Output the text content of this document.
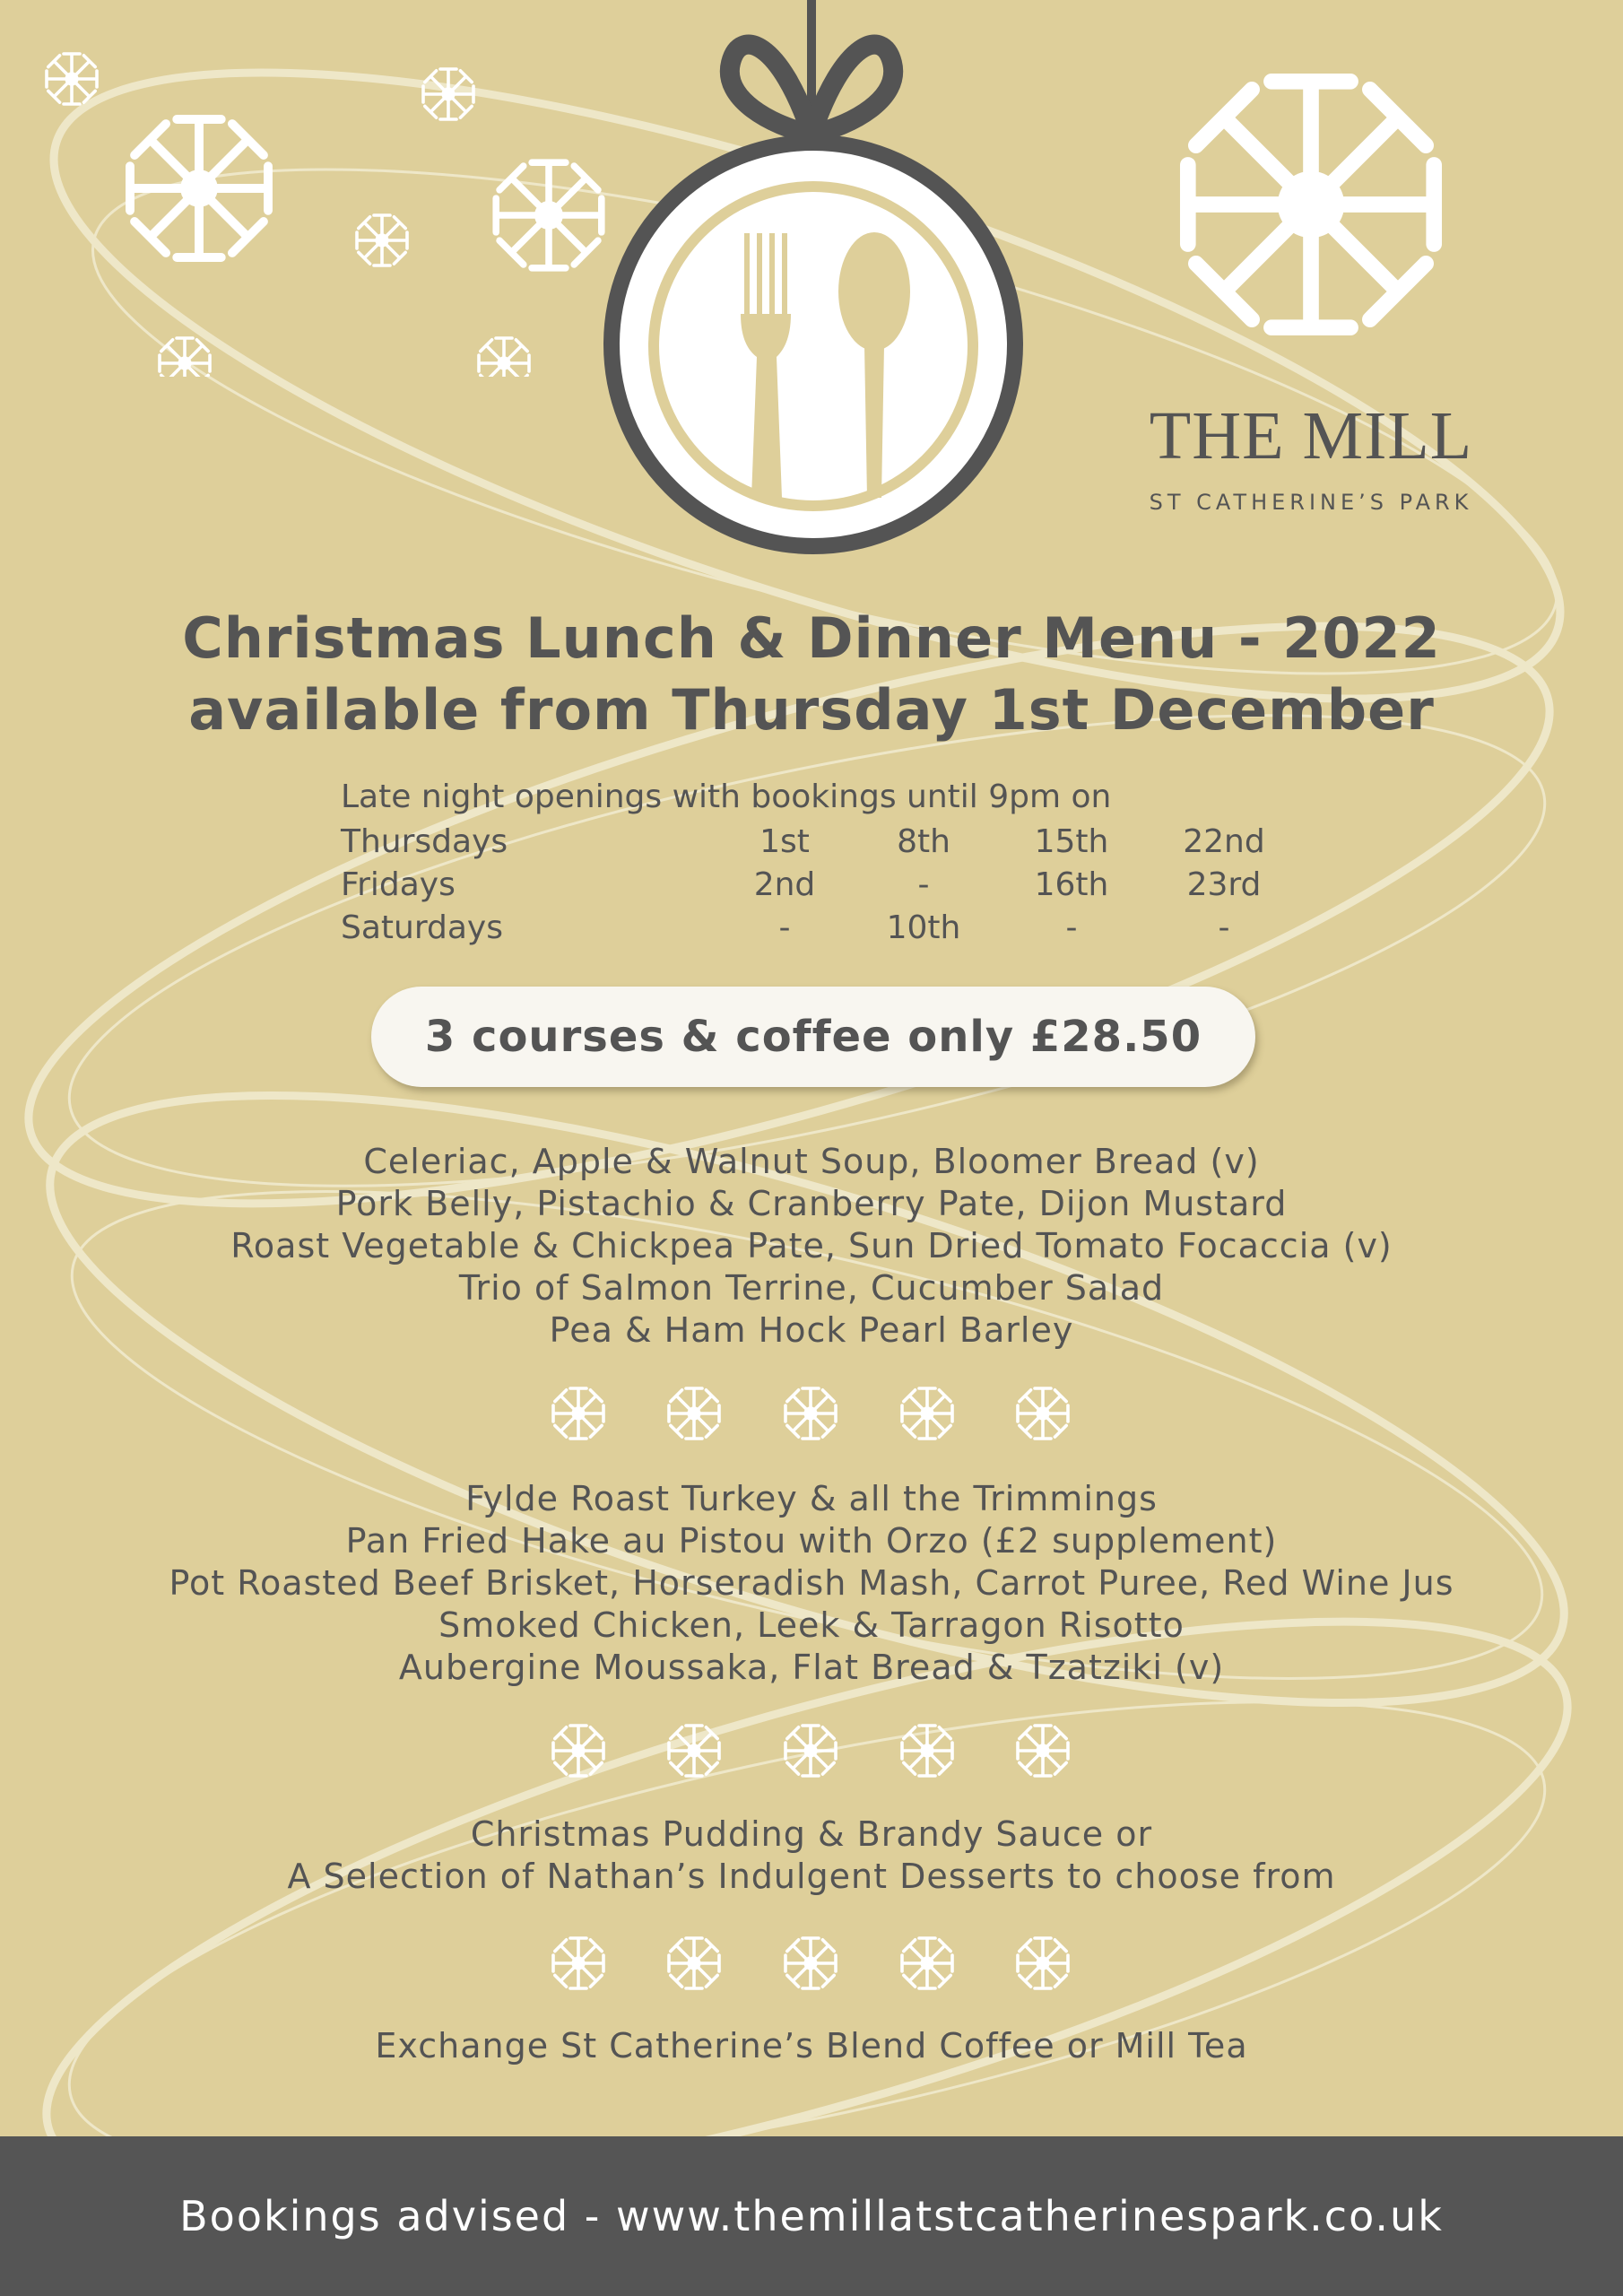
THE MILL
ST CATHERINE’S PARK
Christmas Lunch & Dinner Menu - 2022
available from Thursday 1st December
Late night openings with bookings until 9pm on
Thursdays	1st	8th	15th	22nd
Fridays	2nd	-	16th	23rd
Saturdays	-	10th	-	-
3 courses & coffee only £28.50
Celeriac, Apple & Walnut Soup, Bloomer Bread (v)
Pork Belly, Pistachio & Cranberry Pate, Dijon Mustard
Roast Vegetable & Chickpea Pate, Sun Dried Tomato Focaccia (v)
Trio of Salmon Terrine, Cucumber Salad
Pea & Ham Hock Pearl Barley
Fylde Roast Turkey & all the Trimmings
Pan Fried Hake au Pistou with Orzo (£2 supplement)
Pot Roasted Beef Brisket, Horseradish Mash, Carrot Puree, Red Wine Jus
Smoked Chicken, Leek & Tarragon Risotto
Aubergine Moussaka, Flat Bread & Tzatziki (v)
Christmas Pudding & Brandy Sauce or
A Selection of Nathan’s Indulgent Desserts to choose from
Exchange St Catherine’s Blend Coffee or Mill Tea
Bookings advised - www.themillatstcatherinespark.co.uk
